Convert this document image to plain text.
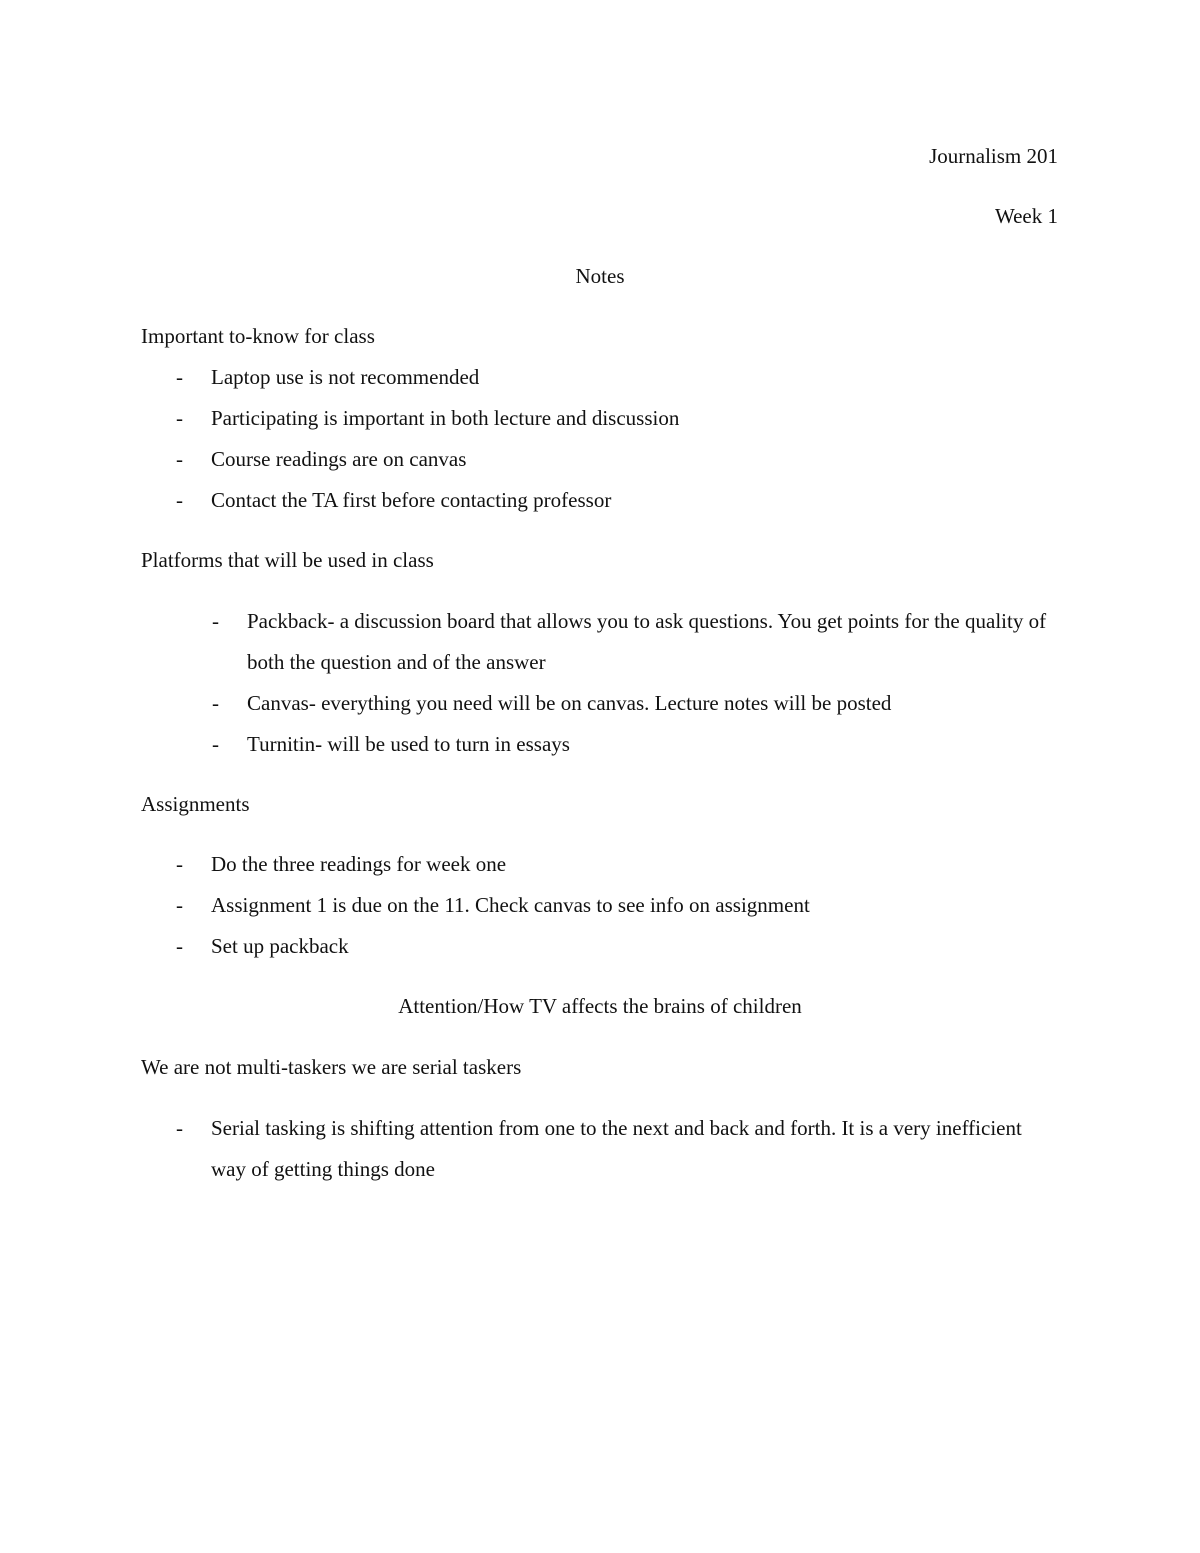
Journalism 201
Week 1
Notes
Important to-know for class
-	Laptop use is not recommended
-	Participating is important in both lecture and discussion
-	Course readings are on canvas
-	Contact the TA first before contacting professor
Platforms that will be used in class
-	Packback- a discussion board that allows you to ask questions. You get points for the quality of both the question and of the answer
-	Canvas- everything you need will be on canvas. Lecture notes will be posted
-	Turnitin- will be used to turn in essays
Assignments
-	Do the three readings for week one
-	Assignment 1 is due on the 11. Check canvas to see info on assignment
-	Set up packback
Attention/How TV affects the brains of children
We are not multi-taskers we are serial taskers
-	Serial tasking is shifting attention from one to the next and back and forth. It is a very inefficient way of getting things done
